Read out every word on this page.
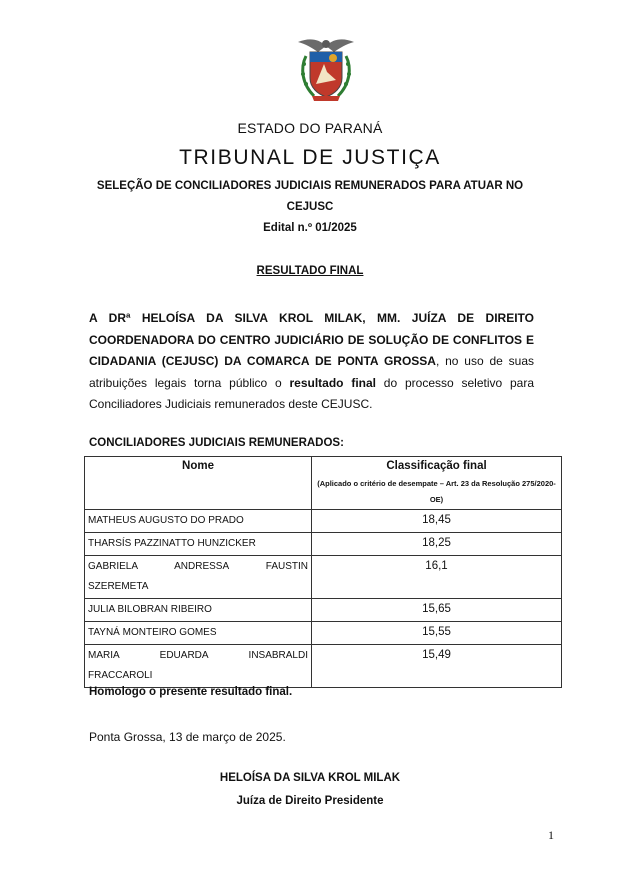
ESTADO DO PARANÁ
TRIBUNAL DE JUSTIÇA
SELEÇÃO DE CONCILIADORES JUDICIAIS REMUNERADOS PARA ATUAR NO
CEJUSC
Edital n.º 01/2025
RESULTADO FINAL
A DRª HELOÍSA DA SILVA KROL MILAK, MM. JUÍZA DE DIREITO COORDENADORA DO CENTRO JUDICIÁRIO DE SOLUÇÃO DE CONFLITOS E CIDADANIA (CEJUSC) DA COMARCA DE PONTA GROSSA, no uso de suas atribuições legais torna público o resultado final do processo seletivo para Conciliadores Judiciais remunerados deste CEJUSC.
CONCILIADORES JUDICIAIS REMUNERADOS:
Nome	Classificação final
(Aplicado o critério de desempate – Art. 23 da Resolução 275/2020-OE)

MATHEUS AUGUSTO DO PRADO	18,45
THARSÍS PAZZINATTO HUNZICKER	18,25
GABRIELA ANDRESSA FAUSTIN
SZEREMETA	16,1
JULIA BILOBRAN RIBEIRO	15,65
TAYNÁ MONTEIRO GOMES	15,55
MARIA EDUARDA INSABRALDI
FRACCAROLI	15,49
Homologo o presente resultado final.
Ponta Grossa, 13 de março de 2025.
HELOÍSA DA SILVA KROL MILAK
Juíza de Direito Presidente
1
